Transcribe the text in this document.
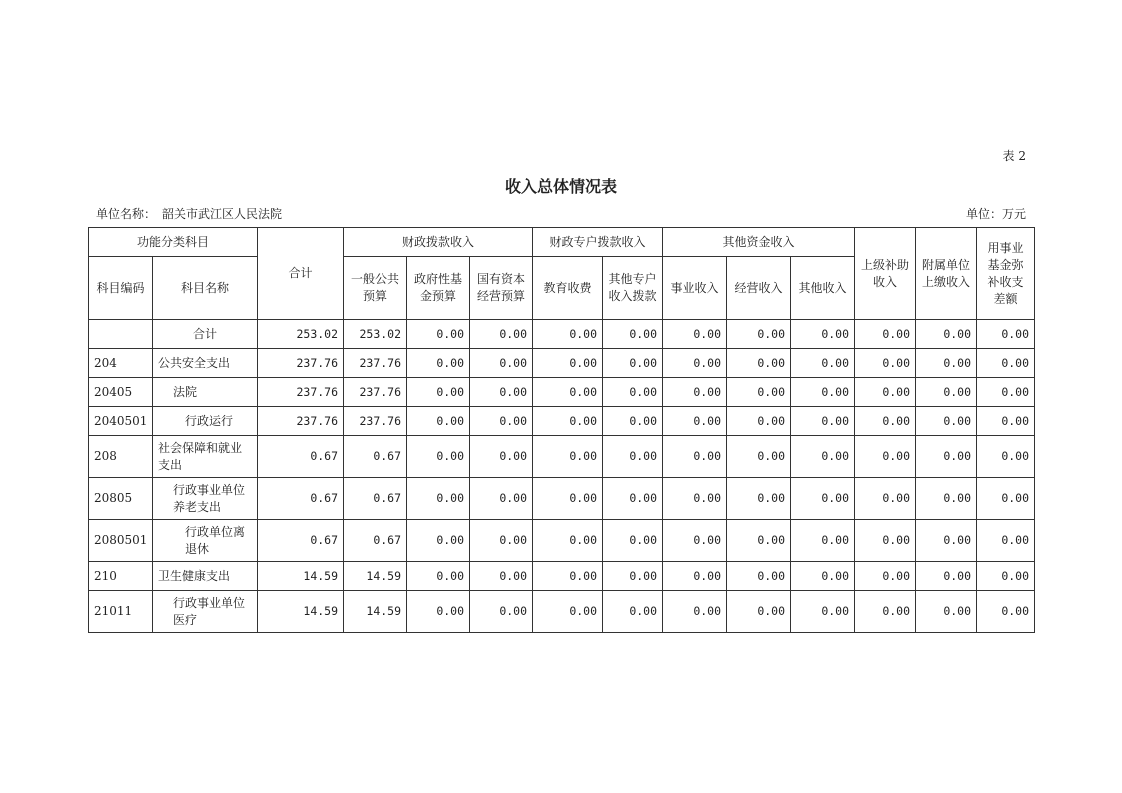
表 2
收入总体情况表
单位名称：　韶关市武江区人民法院	单位：万元
功能分类科目		合计	财政拨款收入			财政专户拨款收入		其他资金收入			上级补助收入	附属单位上缴收入	用事业基金弥补收支差额
科目编码	科目名称		一般公共预算	政府性基金预算	国有资本经营预算	教育收费	其他专户收入拨款	事业收入	经营收入	其他收入			
	合计	253.02	253.02	0.00	0.00	0.00	0.00	0.00	0.00	0.00	0.00	0.00	0.00
204	公共安全支出	237.76	237.76	0.00	0.00	0.00	0.00	0.00	0.00	0.00	0.00	0.00	0.00
20405	法院	237.76	237.76	0.00	0.00	0.00	0.00	0.00	0.00	0.00	0.00	0.00	0.00
2040501	行政运行	237.76	237.76	0.00	0.00	0.00	0.00	0.00	0.00	0.00	0.00	0.00	0.00
208	社会保障和就业支出	0.67	0.67	0.00	0.00	0.00	0.00	0.00	0.00	0.00	0.00	0.00	0.00
20805	行政事业单位养老支出	0.67	0.67	0.00	0.00	0.00	0.00	0.00	0.00	0.00	0.00	0.00	0.00
2080501	行政单位离退休	0.67	0.67	0.00	0.00	0.00	0.00	0.00	0.00	0.00	0.00	0.00	0.00
210	卫生健康支出	14.59	14.59	0.00	0.00	0.00	0.00	0.00	0.00	0.00	0.00	0.00	0.00
21011	行政事业单位医疗	14.59	14.59	0.00	0.00	0.00	0.00	0.00	0.00	0.00	0.00	0.00	0.00
